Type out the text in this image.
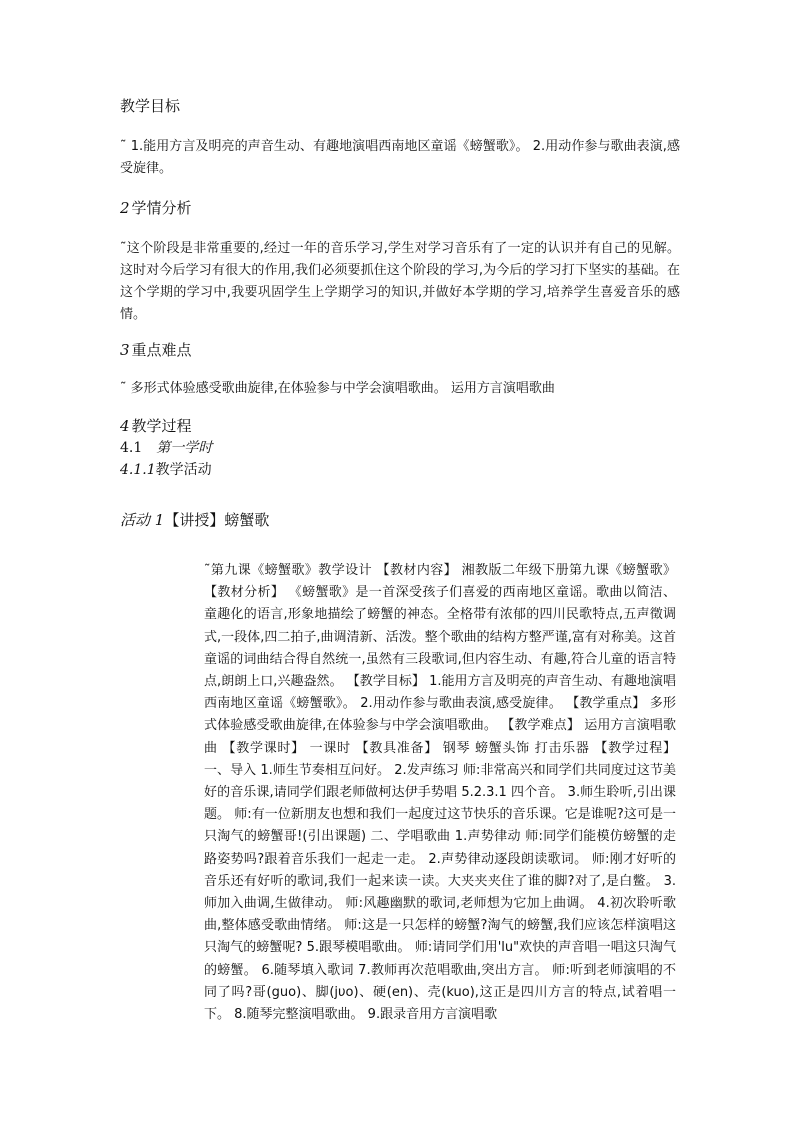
教学目标
˜ 1.能用方言及明亮的声音生动、有趣地演唱西南地区童谣《螃蟹歌》。 2.用动作参与歌曲表演,感受旋律。
2 学情分析
˜这个阶段是非常重要的,经过一年的音乐学习,学生对学习音乐有了一定的认识并有自己的见解。这时对今后学习有很大的作用,我们必须要抓住这个阶段的学习,为今后的学习打下坚实的基础。在这个学期的学习中,我要巩固学生上学期学习的知识,并做好本学期的学习,培养学生喜爱音乐的感情。
3 重点难点
˜ 多形式体验感受歌曲旋律,在体验参与中学会演唱歌曲。 运用方言演唱歌曲
4 教学过程
4.1 第一学时
4.1.1教学活动
活动 1【讲授】螃蟹歌
˜第九课《螃蟹歌》教学设计 【教材内容】 湘教版二年级下册第九课《螃蟹歌》 【教材分析】 《螃蟹歌》是一首深受孩子们喜爱的西南地区童谣。歌曲以简洁、童趣化的语言,形象地描绘了螃蟹的神态。全格带有浓郁的四川民歌特点,五声徵调式,一段体,四二拍子,曲调清新、活泼。整个歌曲的结构方整严谨,富有对称美。这首童谣的词曲结合得自然统一,虽然有三段歌词,但内容生动、有趣,符合儿童的语言特点,朗朗上口,兴趣盎然。 【教学目标】 1.能用方言及明亮的声音生动、有趣地演唱西南地区童谣《螃蟹歌》。 2.用动作参与歌曲表演,感受旋律。 【教学重点】 多形式体验感受歌曲旋律,在体验参与中学会演唱歌曲。 【教学难点】 运用方言演唱歌曲 【教学课时】 一课时 【教具准备】 钢琴 螃蟹头饰 打击乐器 【教学过程】 一、导入 1.师生节奏相互问好。 2.发声练习 师:非常高兴和同学们共同度过这节美好的音乐课,请同学们跟老师做柯达伊手势唱 5.2.3.1 四个音。 3.师生聆听,引出课题。 师:有一位新朋友也想和我们一起度过这节快乐的音乐课。它是谁呢?这可是一只淘气的螃蟹哥!(引出课题) 二、学唱歌曲 1.声势律动 师:同学们能模仿螃蟹的走路姿势吗?跟着音乐我们一起走一走。 2.声势律动逐段朗读歌词。 师:刚才好听的音乐还有好听的歌词,我们一起来读一读。大夹夹夹住了谁的脚?对了,是白鳖。 3.师加入曲调,生做律动。 师:风趣幽默的歌词,老师想为它加上曲调。 4.初次聆听歌曲,整体感受歌曲情绪。 师:这是一只怎样的螃蟹?淘气的螃蟹,我们应该怎样演唱这只淘气的螃蟹呢? 5.跟琴模唱歌曲。 师:请同学们用'lu"欢快的声音唱一唱这只淘气的螃蟹。 6.随琴填入歌词 7.教师再次范唱歌曲,突出方言。 师:听到老师演唱的不同了吗?哥(guo)、脚(jυo)、硬(en)、壳(kuo),这正是四川方言的特点,试着唱一下。 8.随琴完整演唱歌曲。 9.跟录音用方言演唱歌
